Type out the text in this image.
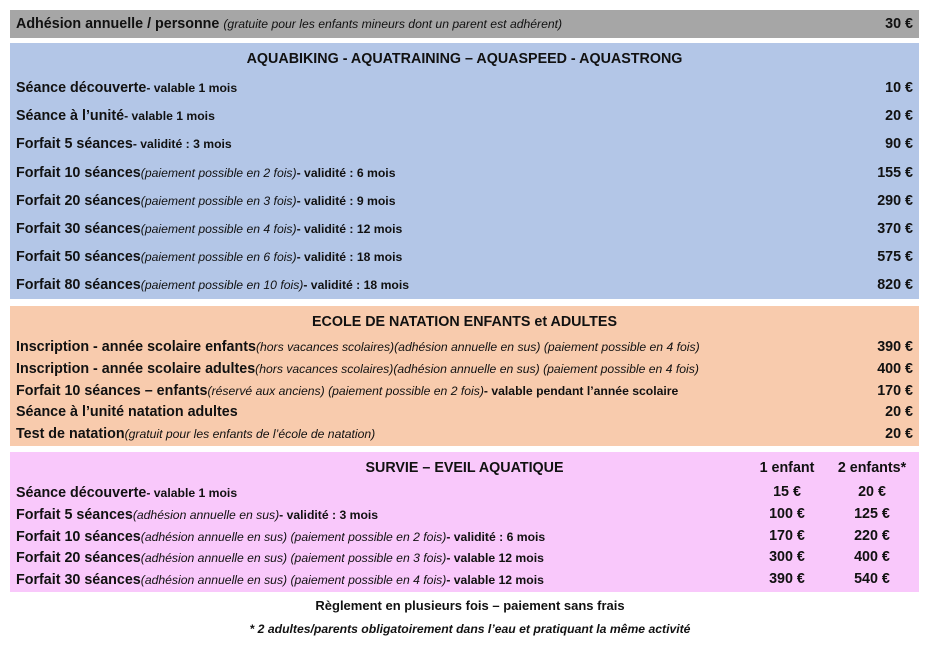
Adhésion annuelle / personne (gratuite pour les enfants mineurs dont un parent est adhérent)	30 €
AQUABIKING - AQUATRAINING – AQUASPEED - AQUASTRONG
Séance découverte - valable 1 mois	10 €
Séance à l’unité - valable 1 mois	20 €
Forfait 5 séances - validité : 3 mois	90 €
Forfait 10 séances (paiement possible en 2 fois) - validité : 6 mois	155 €
Forfait 20 séances (paiement possible en 3 fois) - validité : 9 mois	290 €
Forfait 30 séances (paiement possible en 4 fois) - validité : 12 mois	370 €
Forfait 50 séances (paiement possible en 6 fois) - validité : 18 mois	575 €
Forfait 80 séances (paiement possible en 10 fois) - validité : 18 mois	820 €
ECOLE DE NATATION ENFANTS et ADULTES
Inscription - année scolaire enfants (hors vacances scolaires)(adhésion annuelle en sus) (paiement possible en 4 fois)	390 €
Inscription - année scolaire adultes (hors vacances scolaires)(adhésion annuelle en sus) (paiement possible en 4 fois)	400 €
Forfait 10 séances – enfants (réservé aux anciens) (paiement possible en 2 fois) - valable pendant l’année scolaire	170 €
Séance à l’unité natation adultes	20 €
Test de natation (gratuit pour les enfants de l’école de natation)	20 €
SURVIE – EVEIL AQUATIQUE	1 enfant	2 enfants*
Séance découverte - valable 1 mois	15 €	20 €
Forfait 5 séances (adhésion annuelle en sus) - validité : 3 mois	100 €	125 €
Forfait 10 séances (adhésion annuelle en sus) (paiement possible en 2 fois) - validité : 6 mois	170 €	220 €
Forfait 20 séances (adhésion annuelle en sus) (paiement possible en 3 fois) - valable 12 mois	300 €	400 €
Forfait 30 séances (adhésion annuelle en sus) (paiement possible en 4 fois) - valable 12 mois	390 €	540 €
Règlement en plusieurs fois – paiement sans frais
* 2 adultes/parents obligatoirement dans l’eau et pratiquant la même activité
